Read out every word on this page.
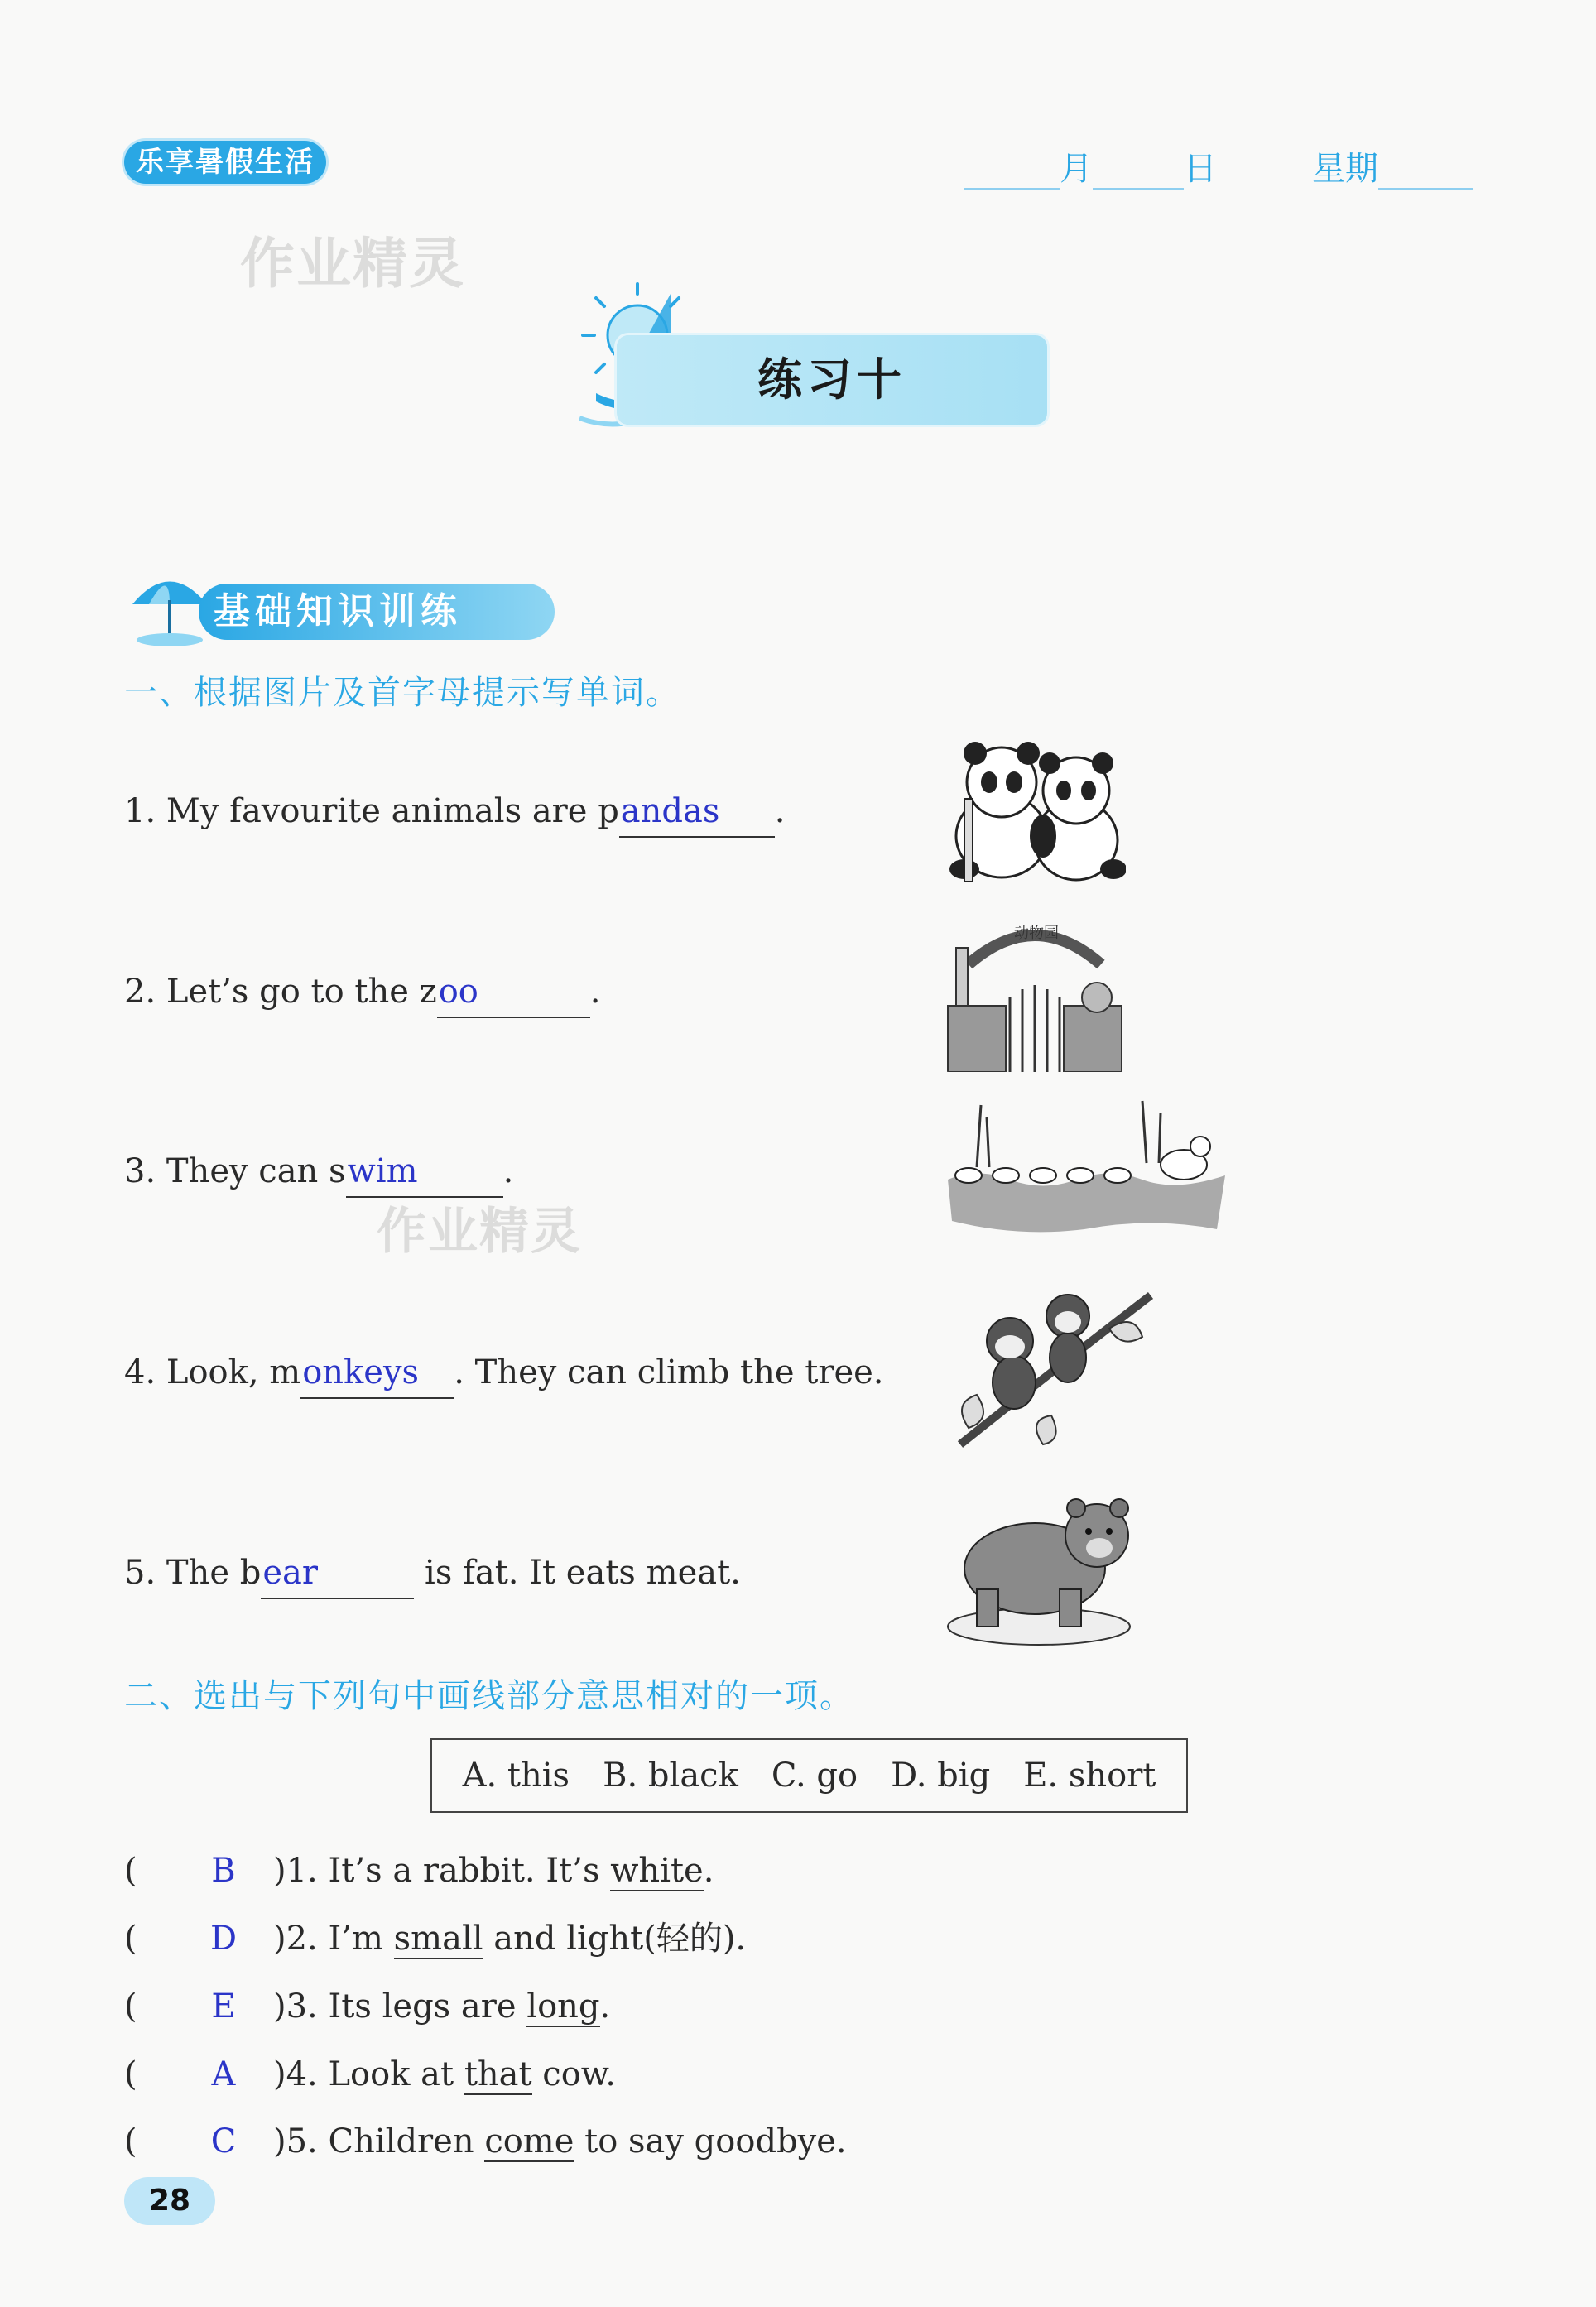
乐享暑假生活	月	日	星期
作业精灵
练习十
基础知识训练
一、根据图片及首字母提示写单词。
1. My favourite animals are pandas .
2. Let’s go to the zoo	.
3. They can swim	.
作业精灵
4. Look, monkeys . They can climb the tree.
5. The bear	is fat. It eats meat.
动物园
二、选出与下列句中画线部分意思相对的一项。
A. this B. black C. go D. big E. short
( B )1. It’s a rabbit. It’s white.
( D )2. I’m small and light(轻的).
( E )3. Its legs are long.
( A )4. Look at that cow.
( C )5. Children come to say goodbye.
28
